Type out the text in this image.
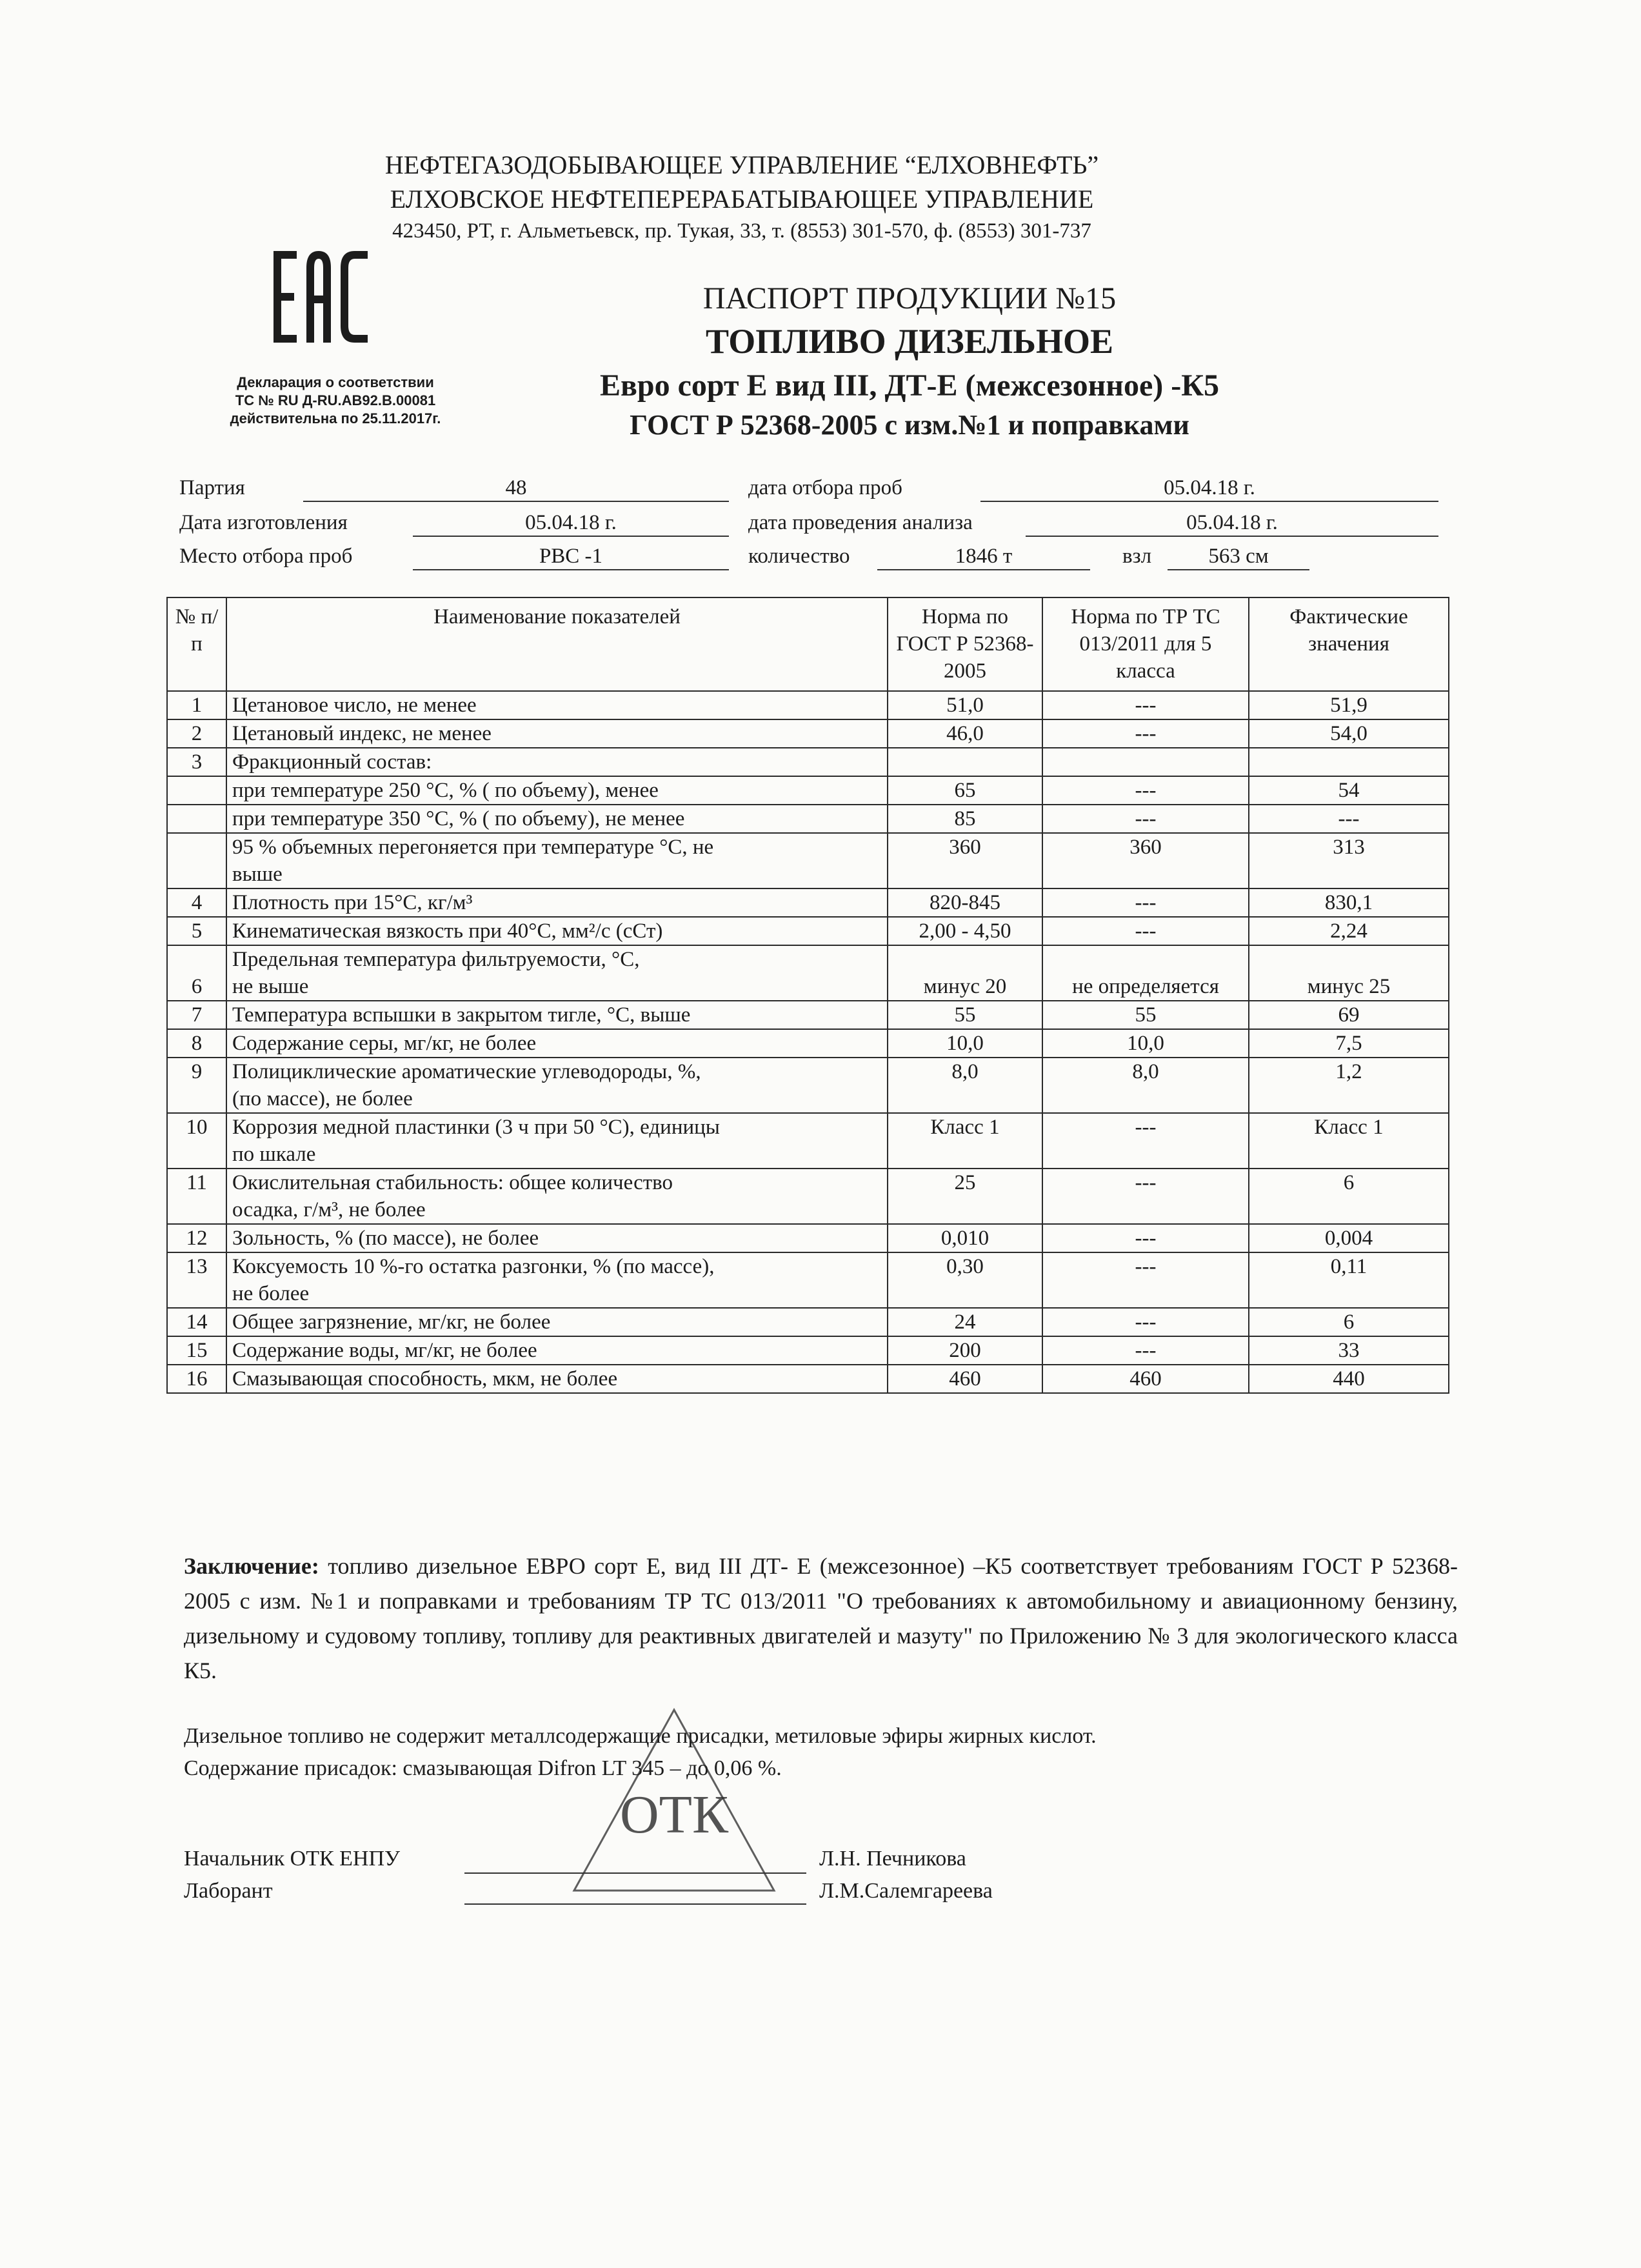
НЕФТЕГАЗОДОБЫВАЮЩЕЕ УПРАВЛЕНИЕ “ЕЛХОВНЕФТЬ”
ЕЛХОВСКОЕ НЕФТЕПЕРЕРАБАТЫВАЮЩЕЕ УПРАВЛЕНИЕ
423450, РТ, г. Альметьевск, пр. Тукая, 33, т. (8553) 301-570, ф. (8553) 301-737
Декларация о соответствии
ТС № RU Д-RU.АВ92.В.00081
действительна по 25.11.2017г.
ПАСПОРТ ПРОДУКЦИИ №15
ТОПЛИВО ДИЗЕЛЬНОЕ
Евро сорт Е вид III, ДТ-Е (межсезонное) -К5
ГОСТ Р 52368-2005 с изм.№1 и поправками
Партия	48	дата отбора проб	05.04.18 г.
Дата изготовления	05.04.18 г.	дата проведения анализа	05.04.18 г.
Место отбора проб	РВС -1	количество	1846 т	взл	563 см
№ п/п	Наименование показателей	Норма по ГОСТ Р 52368-2005	Норма по ТР ТС 013/2011 для 5 класса	Фактические значения
1	Цетановое число, не менее	51,0	---	51,9
2	Цетановый индекс, не менее	46,0	---	54,0
3	Фракционный состав:			

	при температуре 250 °С, % ( по объему), менее	65	---	54

	при температуре 350 °С, % ( по объему), не менее	85	---	---

	95 % объемных перегоняется при температуре °С, не
выше	360	360	313
4	Плотность при 15°С, кг/м³	820-845	---	830,1
5	Кинематическая вязкость при 40°С, мм²/с (сСт)	2,00 - 4,50	---	2,24
6	Предельная температура фильтруемости, °С,
не выше	минус 20	не определяется	минус 25
7	Температура вспышки в закрытом тигле, °С, выше	55	55	69
8	Содержание серы, мг/кг, не более	10,0	10,0	7,5
9	Полициклические ароматические углеводороды, %,
(по массе), не более	8,0	8,0	1,2
10	Коррозия медной пластинки (3 ч при 50 °С), единицы
по шкале	Класс 1	---	Класс 1
11	Окислительная стабильность: общее количество
осадка, г/м³, не более	25	---	6
12	Зольность, % (по массе), не более	0,010	---	0,004
13	Коксуемость 10 %-го остатка разгонки, % (по массе),
не более	0,30	---	0,11
14	Общее загрязнение, мг/кг, не более	24	---	6
15	Содержание воды, мг/кг, не более	200	---	33
16	Смазывающая способность, мкм, не более	460	460	440
Заключение: топливо дизельное ЕВРО сорт Е, вид III ДТ- Е (межсезонное) –К5 соответствует требованиям ГОСТ Р 52368-2005 с изм. №1 и поправками и требованиям ТР ТС 013/2011 "О требованиях к автомобильному и авиационному бензину, дизельному и судовому топливу, топливу для реактивных двигателей и мазуту" по Приложению № 3 для экологического класса К5.
Дизельное топливо не содержит металлсодержащие присадки, метиловые эфиры жирных кислот.
Содержание присадок: смазывающая Difron LT 345 – до 0,06 %.
ОТК
Начальник ОТК ЕНПУ	Л.Н. Печникова
Лаборант	Л.М.Салемгареева
